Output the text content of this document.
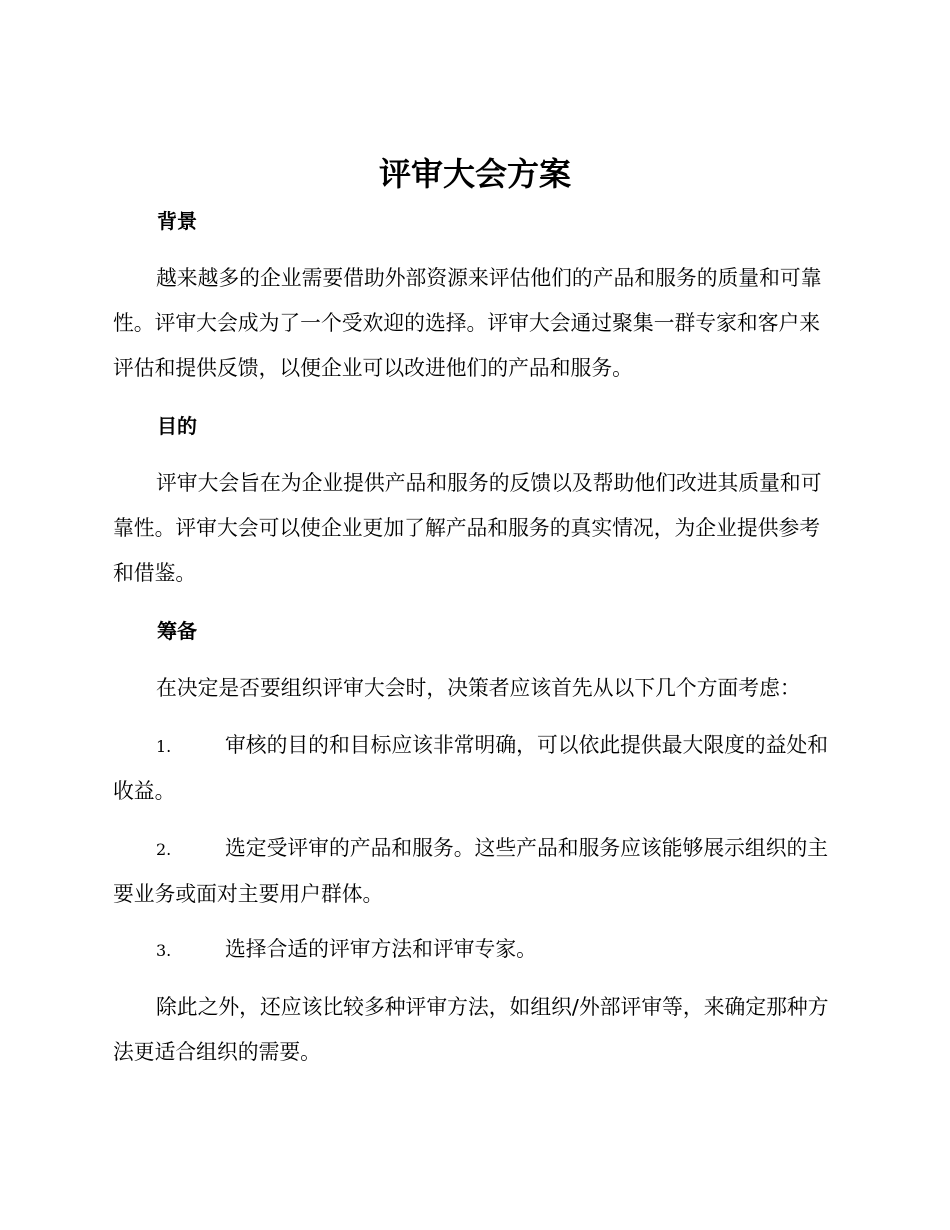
评审大会方案
背景
越来越多的企业需要借助外部资源来评估他们的产品和服务的质量和可靠性。评审大会成为了一个受欢迎的选择。评审大会通过聚集一群专家和客户来评估和提供反馈，以便企业可以改进他们的产品和服务。
目的
评审大会旨在为企业提供产品和服务的反馈以及帮助他们改进其质量和可靠性。评审大会可以使企业更加了解产品和服务的真实情况，为企业提供参考和借鉴。
筹备
在决定是否要组织评审大会时，决策者应该首先从以下几个方面考虑：
1.	审核的目的和目标应该非常明确，可以依此提供最大限度的益处和收益。
2.	选定受评审的产品和服务。这些产品和服务应该能够展示组织的主要业务或面对主要用户群体。
3.	选择合适的评审方法和评审专家。
除此之外，还应该比较多种评审方法，如组织/外部评审等，来确定那种方法更适合组织的需要。
